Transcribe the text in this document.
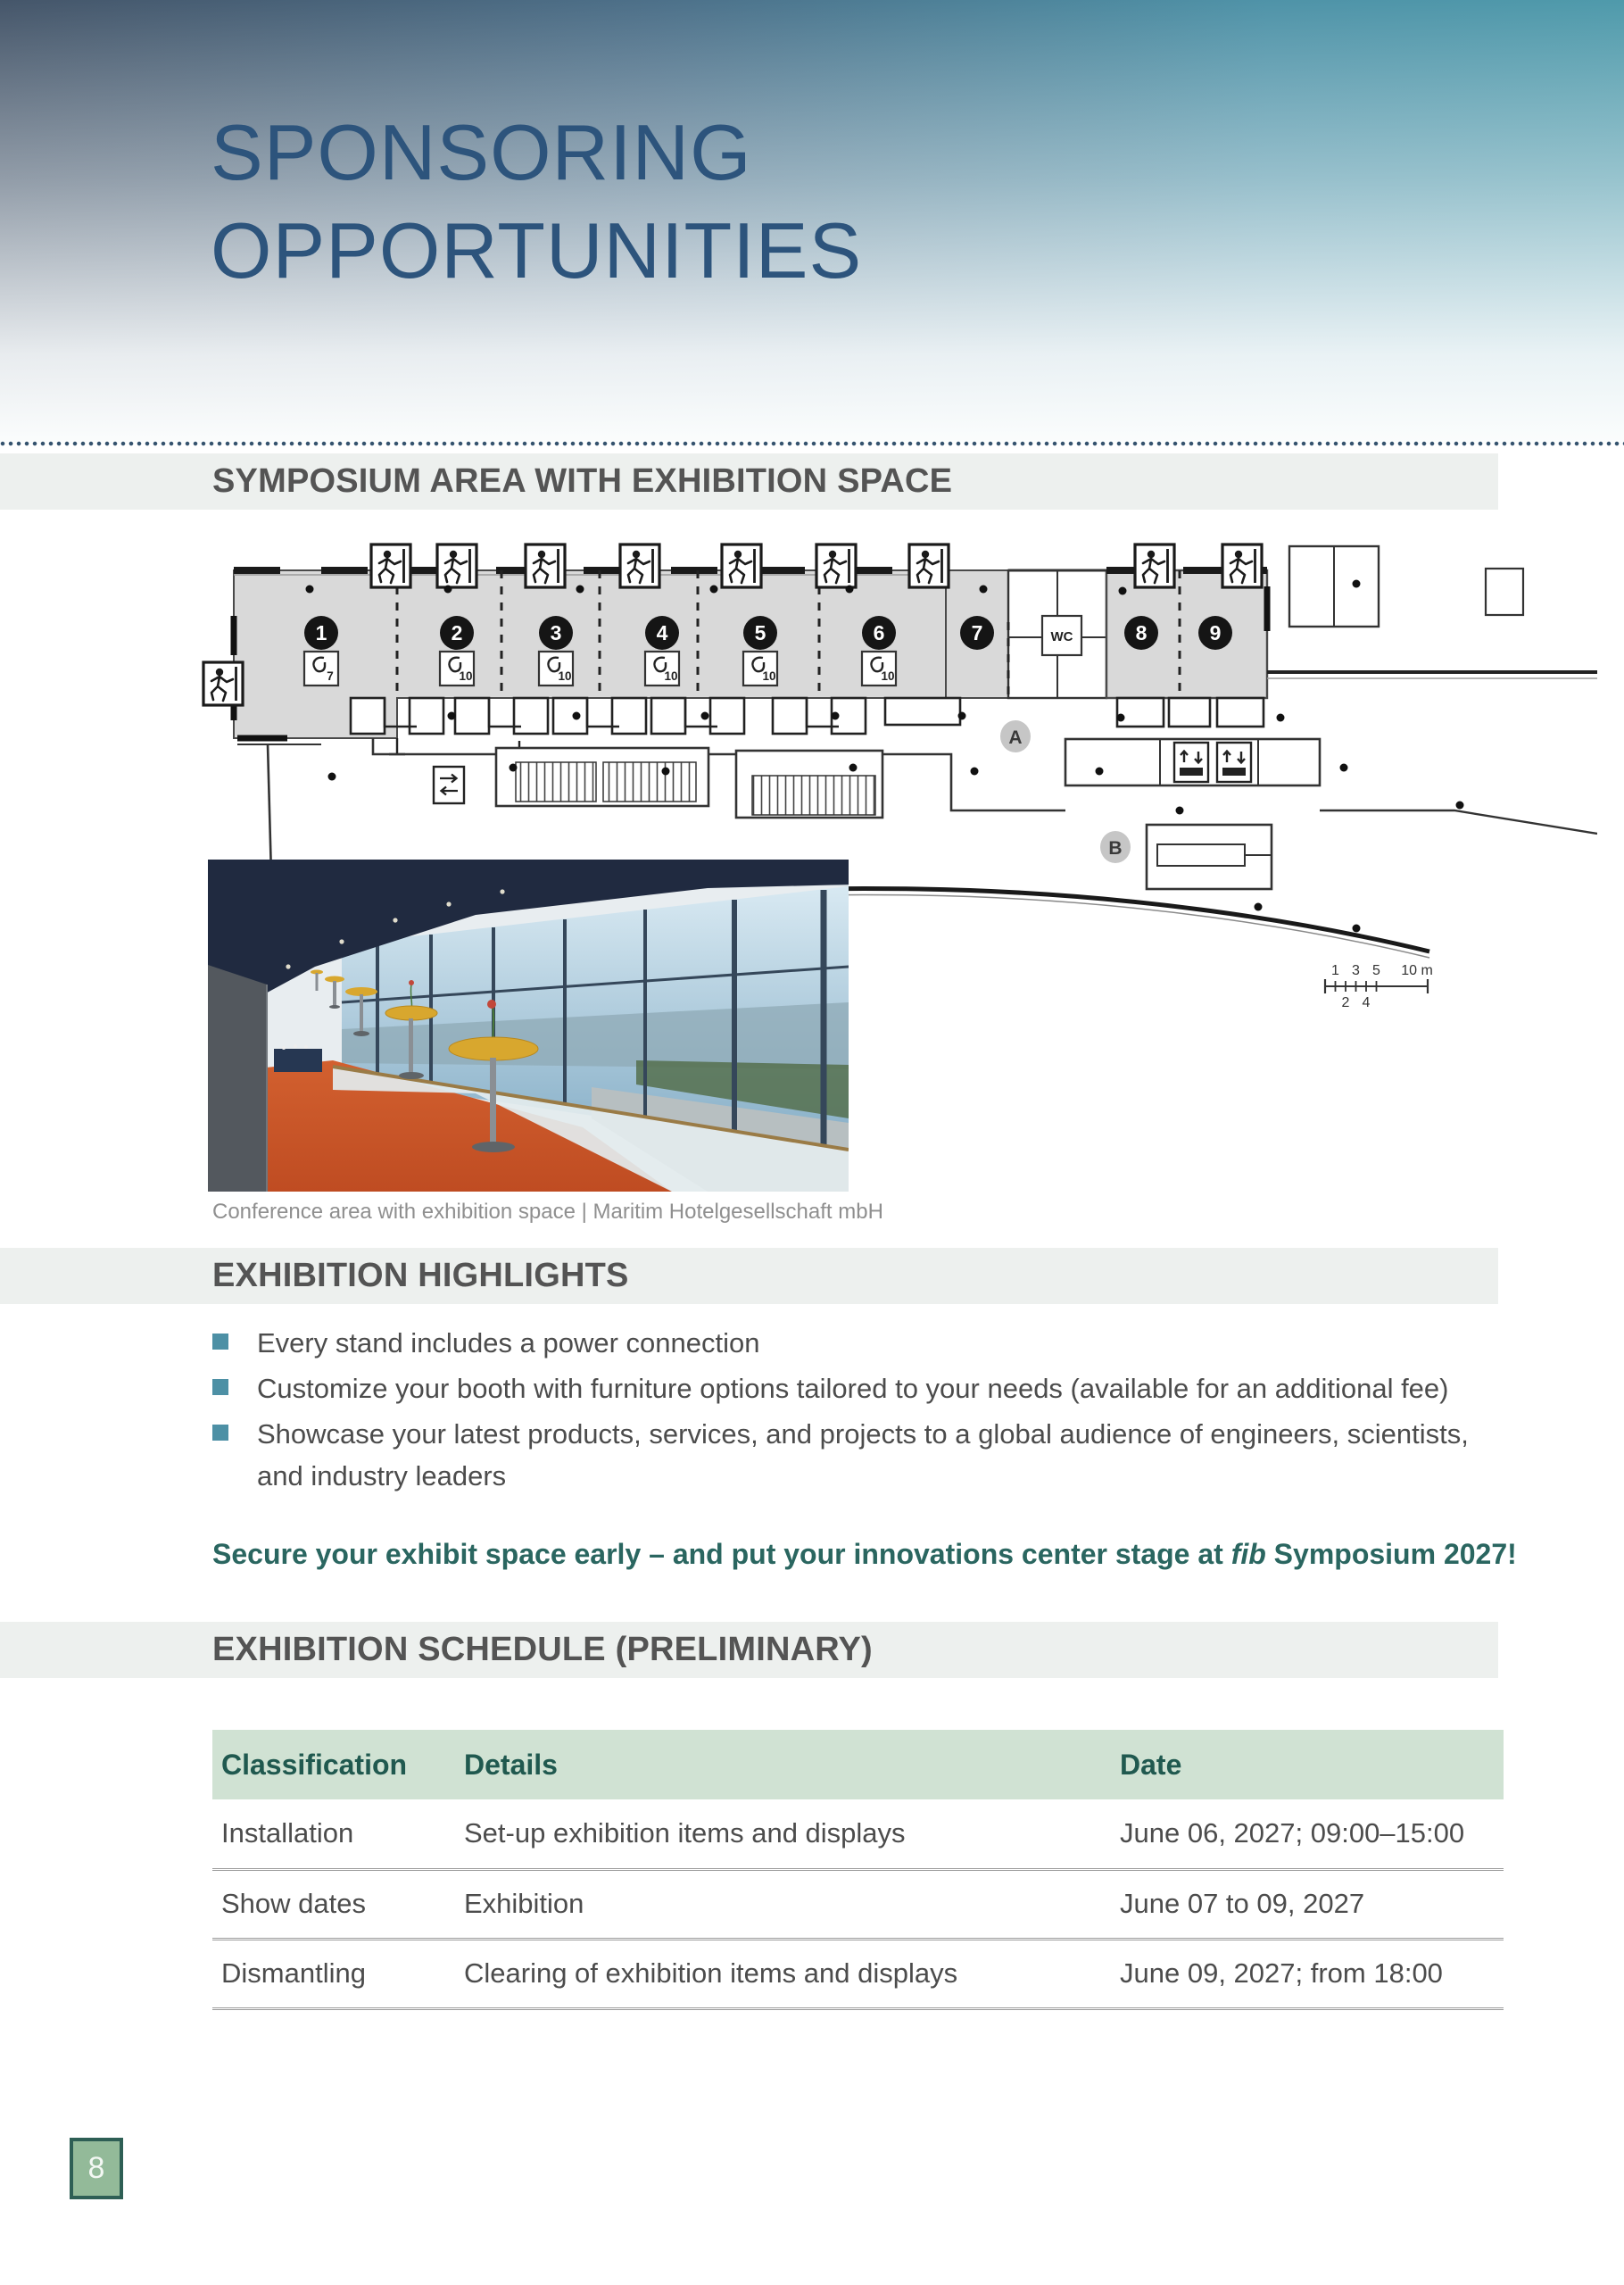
SPONSORING
OPPORTUNITIES
SYMPOSIUM AREA WITH EXHIBITION SPACE
WC
1	2	3	4	5	6	7	8	9
7	10	10	10	10	10
A
B
1 3 5 10 m
2 4
Conference area with exhibition space | Maritim Hotelgesellschaft mbH
EXHIBITION HIGHLIGHTS
Every stand includes a power connection
Customize your booth with furniture options tailored to your needs (available for an additional fee)
Showcase your latest products, services, and projects to a global audience of engineers, scientists, and industry leaders

Secure your exhibit space early – and put your innovations center stage at fib Symposium 2027!

EXHIBITION SCHEDULE (PRELIMINARY)
Classification	Details	Date
Installation	Set-up exhibition items and displays	June 06, 2027; 09:00–15:00
Show dates	Exhibition	June 07 to 09, 2027
Dismantling	Clearing of exhibition items and displays	June 09, 2027; from 18:00
8
